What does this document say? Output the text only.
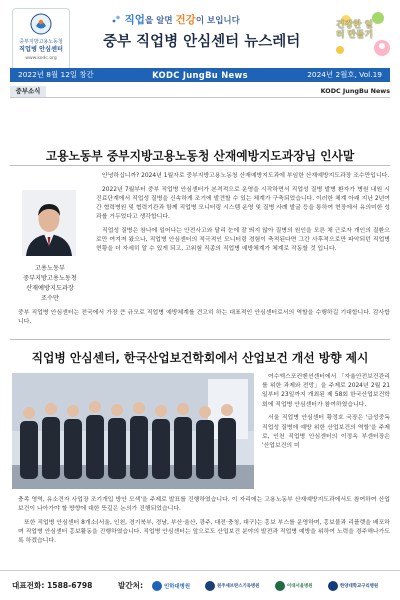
중부지방고용노동청
직업병 안심센터
www.kodc.org
직업을 알면 건강이 보입니다
중부 직업병 안심센터 뉴스레터
건강한 일터 만들기
KODC JungBu News
2022년 8월 12일 창간	2024년 2월호, Vol.19
중부소식	KODC JungBu News
고용노동부 중부지방고용노동청 산재예방지도과장님 인사말
고용노동부
중부지방고용노동청
산재예방지도과장
조수만

안녕하십니까? 2024년 1월자로 중부지방고용노동청 산재예방지도과에 부임한 산재예방지도과장 조수만입니다.

2022년 7월부터 중부 직업병 안심센터가 본격적으로 운영을 시작하면서 직업성 질병 발병 환자가 병원 내원 시 진료단계에서 직업성 질병을 신속하게 조기에 발견할 수 있는 체계가 구축되었습니다. 이러한 체계 아래 지난 2년여간 협력병원 및 협력기관과 함께 직업병 모니터링 시스템 운영 및 질병 사례 발굴 등을 통하여 현장에서 유의미한 성과를 거두었다고 생각합니다.

직업성 질병은 참나에 일어나는 안전사고와 달리 눈에 잘 띄지 않아 질병의 원인을 모른 채 근로자 개인의 질환으로만 여겨져 왔으나, 직업병 안심센터의 적극적인 모니터링 경험이 축적된다면 그간 사후적으로만 파악되던 직업병 현황을 더 자세히 알 수 있게 되고, 고위험 직종의 직업병 예방체계가 체계로 작동할 것 입니다.

중부 직업병 안심센터는 전국에서 가장 큰 규모로 직업병 예방체계를 견고히 하는 대표적인 안심센터로서의 역할을 수행하길 기대합니다. 감사합니다.
직업병 안심센터, 한국산업보건학회에서 산업보건 개선 방향 제시

여수엑스포컨벤션센터에서 「자율안전보건관리를 위한 과제와 전망」을 주제로 2024년 2월 21일부터 23일까지 개최된 제 58회 한국산업보건학회에 직업병 안심센터가 참여하였습니다.

서울 직업병 안심센터 황정호 국장은 '급성중독 직업성 질병에 예방 위한 산업보건의 역할'을 주제로, 인천 직업병 안심센터의 이정옥 부센터장은 '산업보건의 미

충족 영역, 유소견자 사업장 조기개입 방안 모색'을 주제로 발표를 진행하였습니다. 이 자리에는 고용노동부 산재예방지도과에서도 참여하여 산업보건이 나아가야 할 방향에 대한 뜻깊은 논의가 진행되었습니다.

또한 직업병 안심센터 8개소(서울, 인천, 경기북부, 경남, 부산·울산, 광주, 대전·충청, 대구)는 홍보 부스를 운영하며, 홍보물과 리플렛을 배포하며 직업병 안심센터 홍보활동을 진행하였습니다. 직업병 안심센터는 앞으로도 산업보건 분야의 발전과 직업병 예방을 위하여 노력을 경주해나가도록 하겠습니다.

대표전화: 1588-6798	발간처:	인하대병원	원주세브란스기독병원	이대서울병원	한양대학교구리병원
